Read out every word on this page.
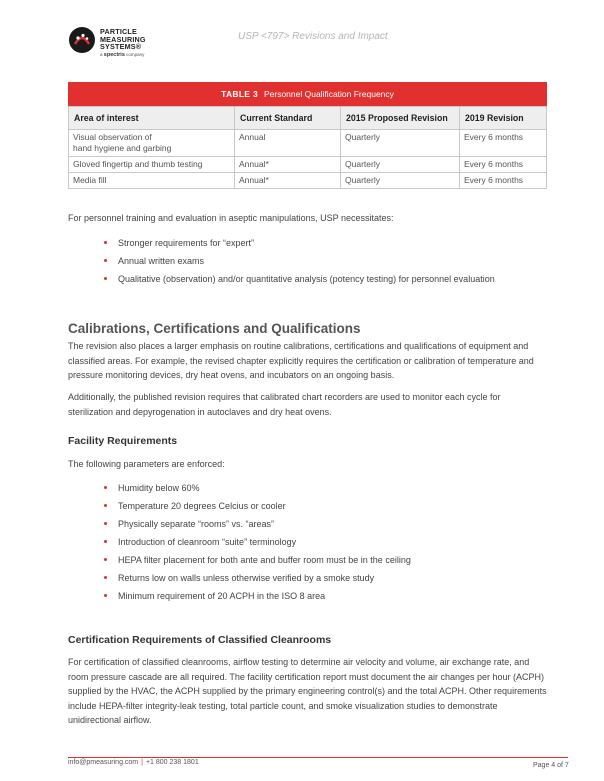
PARTICLE
MEASURING
SYSTEMS®
a spectris company
USP <797> Revisions and Impact
TABLE 3 Personnel Qualification Frequency
Area of interest	Current Standard	2015 Proposed Revision	2019 Revision
Visual observation of
hand hygiene and garbing	Annual	Quarterly	Every 6 months
Gloved fingertip and thumb testing	Annual*	Quarterly	Every 6 months
Media fill	Annual*	Quarterly	Every 6 months

For personnel training and evaluation in aseptic manipulations, USP necessitates:

Stronger requirements for “expert”
Annual written exams
Qualitative (observation) and/or quantitative analysis (potency testing) for personnel evaluation
Calibrations, Certifications and Qualifications

The revision also places a larger emphasis on routine calibrations, certifications and qualifications of equipment and classified areas. For example, the revised chapter explicitly requires the certification or calibration of temperature and pressure monitoring devices, dry heat ovens, and incubators on an ongoing basis.

Additionally, the published revision requires that calibrated chart recorders are used to monitor each cycle for sterilization and depyrogenation in autoclaves and dry heat ovens.

Facility Requirements

The following parameters are enforced:

Humidity below 60%
Temperature 20 degrees Celcius or cooler
Physically separate “rooms” vs. “areas”
Introduction of cleanroom “suite” terminology
HEPA filter placement for both ante and buffer room must be in the ceiling
Returns low on walls unless otherwise verified by a smoke study
Minimum requirement of 20 ACPH in the ISO 8 area
Certification Requirements of Classified Cleanrooms

For certification of classified cleanrooms, airflow testing to determine air velocity and volume, air exchange rate, and room pressure cascade are all required. The facility certification report must document the air changes per hour (ACPH) supplied by the HVAC, the ACPH supplied by the primary engineering control(s) and the total ACPH. Other requirements include HEPA-filter integrity-leak testing, total particle count, and smoke visualization studies to demonstrate unidirectional airflow.

info@pmeasuring.com | +1 800 238 1801	Page 4 of 7
